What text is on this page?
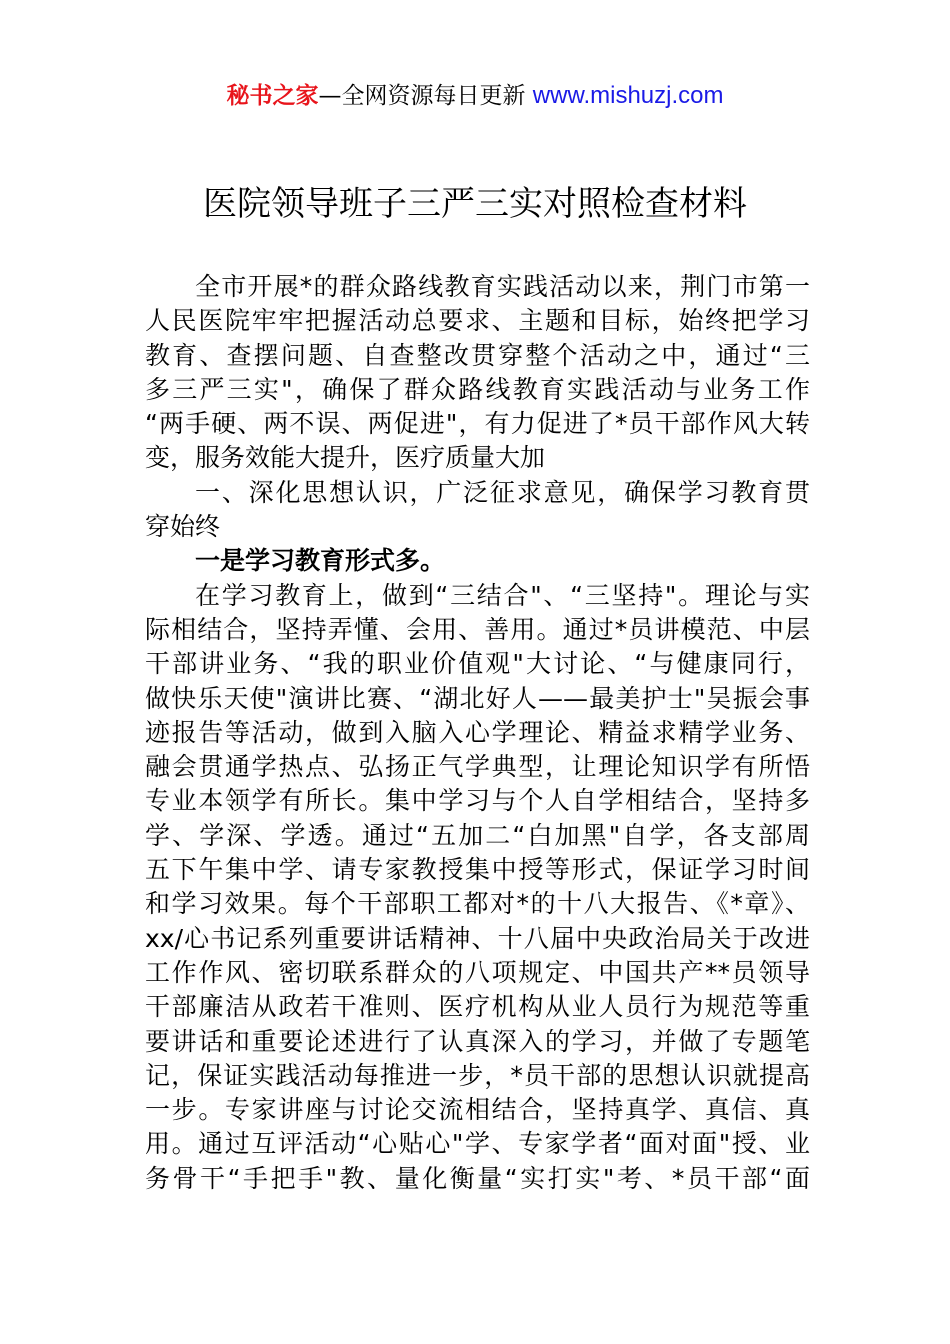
秘书之家—全网资源每日更新 www.mishuzj.com
医院领导班子三严三实对照检查材料
全市开展*的群众路线教育实践活动以来，荆门市第一
人民医院牢牢把握活动总要求、主题和目标，始终把学习
教育、查摆问题、自查整改贯穿整个活动之中，通过“三
多三严三实"，确保了群众路线教育实践活动与业务工作
“两手硬、两不误、两促进"，有力促进了*员干部作风大转
变，服务效能大提升，医疗质量大加
一、深化思想认识，广泛征求意见，确保学习教育贯
穿始终
一是学习教育形式多。
在学习教育上，做到“三结合"、“三坚持"。理论与实
际相结合，坚持弄懂、会用、善用。通过*员讲模范、中层
干部讲业务、“我的职业价值观"大讨论、“与健康同行，
做快乐天使"演讲比赛、“湖北好人——最美护士"吴振会事
迹报告等活动，做到入脑入心学理论、精益求精学业务、
融会贯通学热点、弘扬正气学典型，让理论知识学有所悟
专业本领学有所长。集中学习与个人自学相结合，坚持多
学、学深、学透。通过“五加二“白加黑"自学，各支部周
五下午集中学、请专家教授集中授等形式，保证学习时间
和学习效果。每个干部职工都对*的十八大报告、《*章》、
xx/心书记系列重要讲话精神、十八届中央政治局关于改进
工作作风、密切联系群众的八项规定、中国共产**员领导
干部廉洁从政若干准则、医疗机构从业人员行为规范等重
要讲话和重要论述进行了认真深入的学习，并做了专题笔
记，保证实践活动每推进一步，*员干部的思想认识就提高
一步。专家讲座与讨论交流相结合，坚持真学、真信、真
用。通过互评活动“心贴心"学、专家学者“面对面"授、业
务骨干“手把手"教、量化衡量“实打实"考、*员干部“面
